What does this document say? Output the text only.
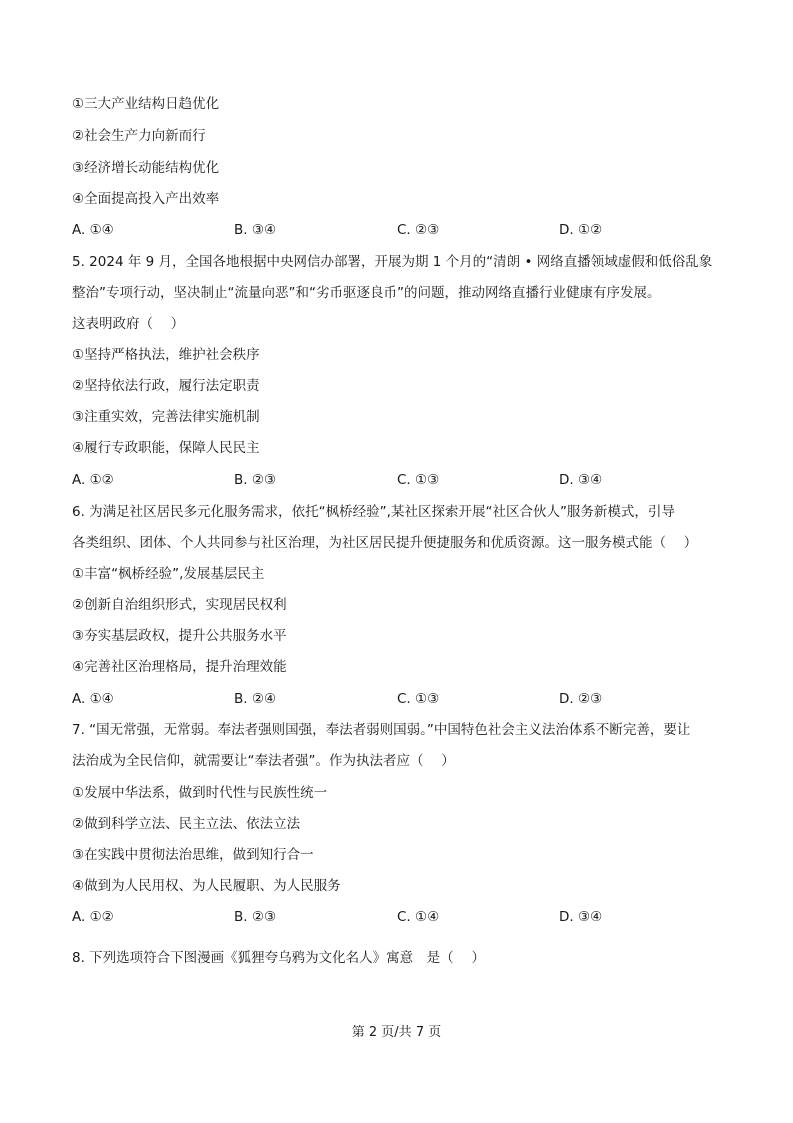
①三大产业结构日趋优化
②社会生产力向新而行
③经济增长动能结构优化
④全面提高投入产出效率
A. ①④	B. ③④	C. ②③	D. ①②
5. 2024 年 9 月，全国各地根据中央网信办部署，开展为期 1 个月的“清朗 • 网络直播领域虚假和低俗乱象
整治”专项行动，坚决制止“流量向恶”和“劣币驱逐良币”的问题，推动网络直播行业健康有序发展。
这表明政府（　 ）
①坚持严格执法，维护社会秩序
②坚持依法行政，履行法定职责
③注重实效，完善法律实施机制
④履行专政职能，保障人民民主
A. ①②	B. ②③	C. ①③	D. ③④
6. 为满足社区居民多元化服务需求，依托“枫桥经验”,某社区探索开展“社区合伙人”服务新模式，引导
各类组织、团体、个人共同参与社区治理，为社区居民提升便捷服务和优质资源。这一服务模式能（　 ）
①丰富“枫桥经验”,发展基层民主
②创新自治组织形式，实现居民权利
③夯实基层政权，提升公共服务水平
④完善社区治理格局，提升治理效能
A. ①④	B. ②④	C. ①③	D. ②③
7. “国无常强，无常弱。奉法者强则国强，奉法者弱则国弱。”中国特色社会主义法治体系不断完善，要让
法治成为全民信仰，就需要让“奉法者强”。作为执法者应（　 ）
①发展中华法系，做到时代性与民族性统一
②做到科学立法、民主立法、依法立法
③在实践中贯彻法治思维，做到知行合一
④做到为人民用权、为人民履职、为人民服务
A. ①②	B. ②③	C. ①④	D. ③④
8. 下列选项符合下图漫画《狐狸夸乌鸦为文化名人》寓意　是（　 ）
第 2 页/共 7 页
